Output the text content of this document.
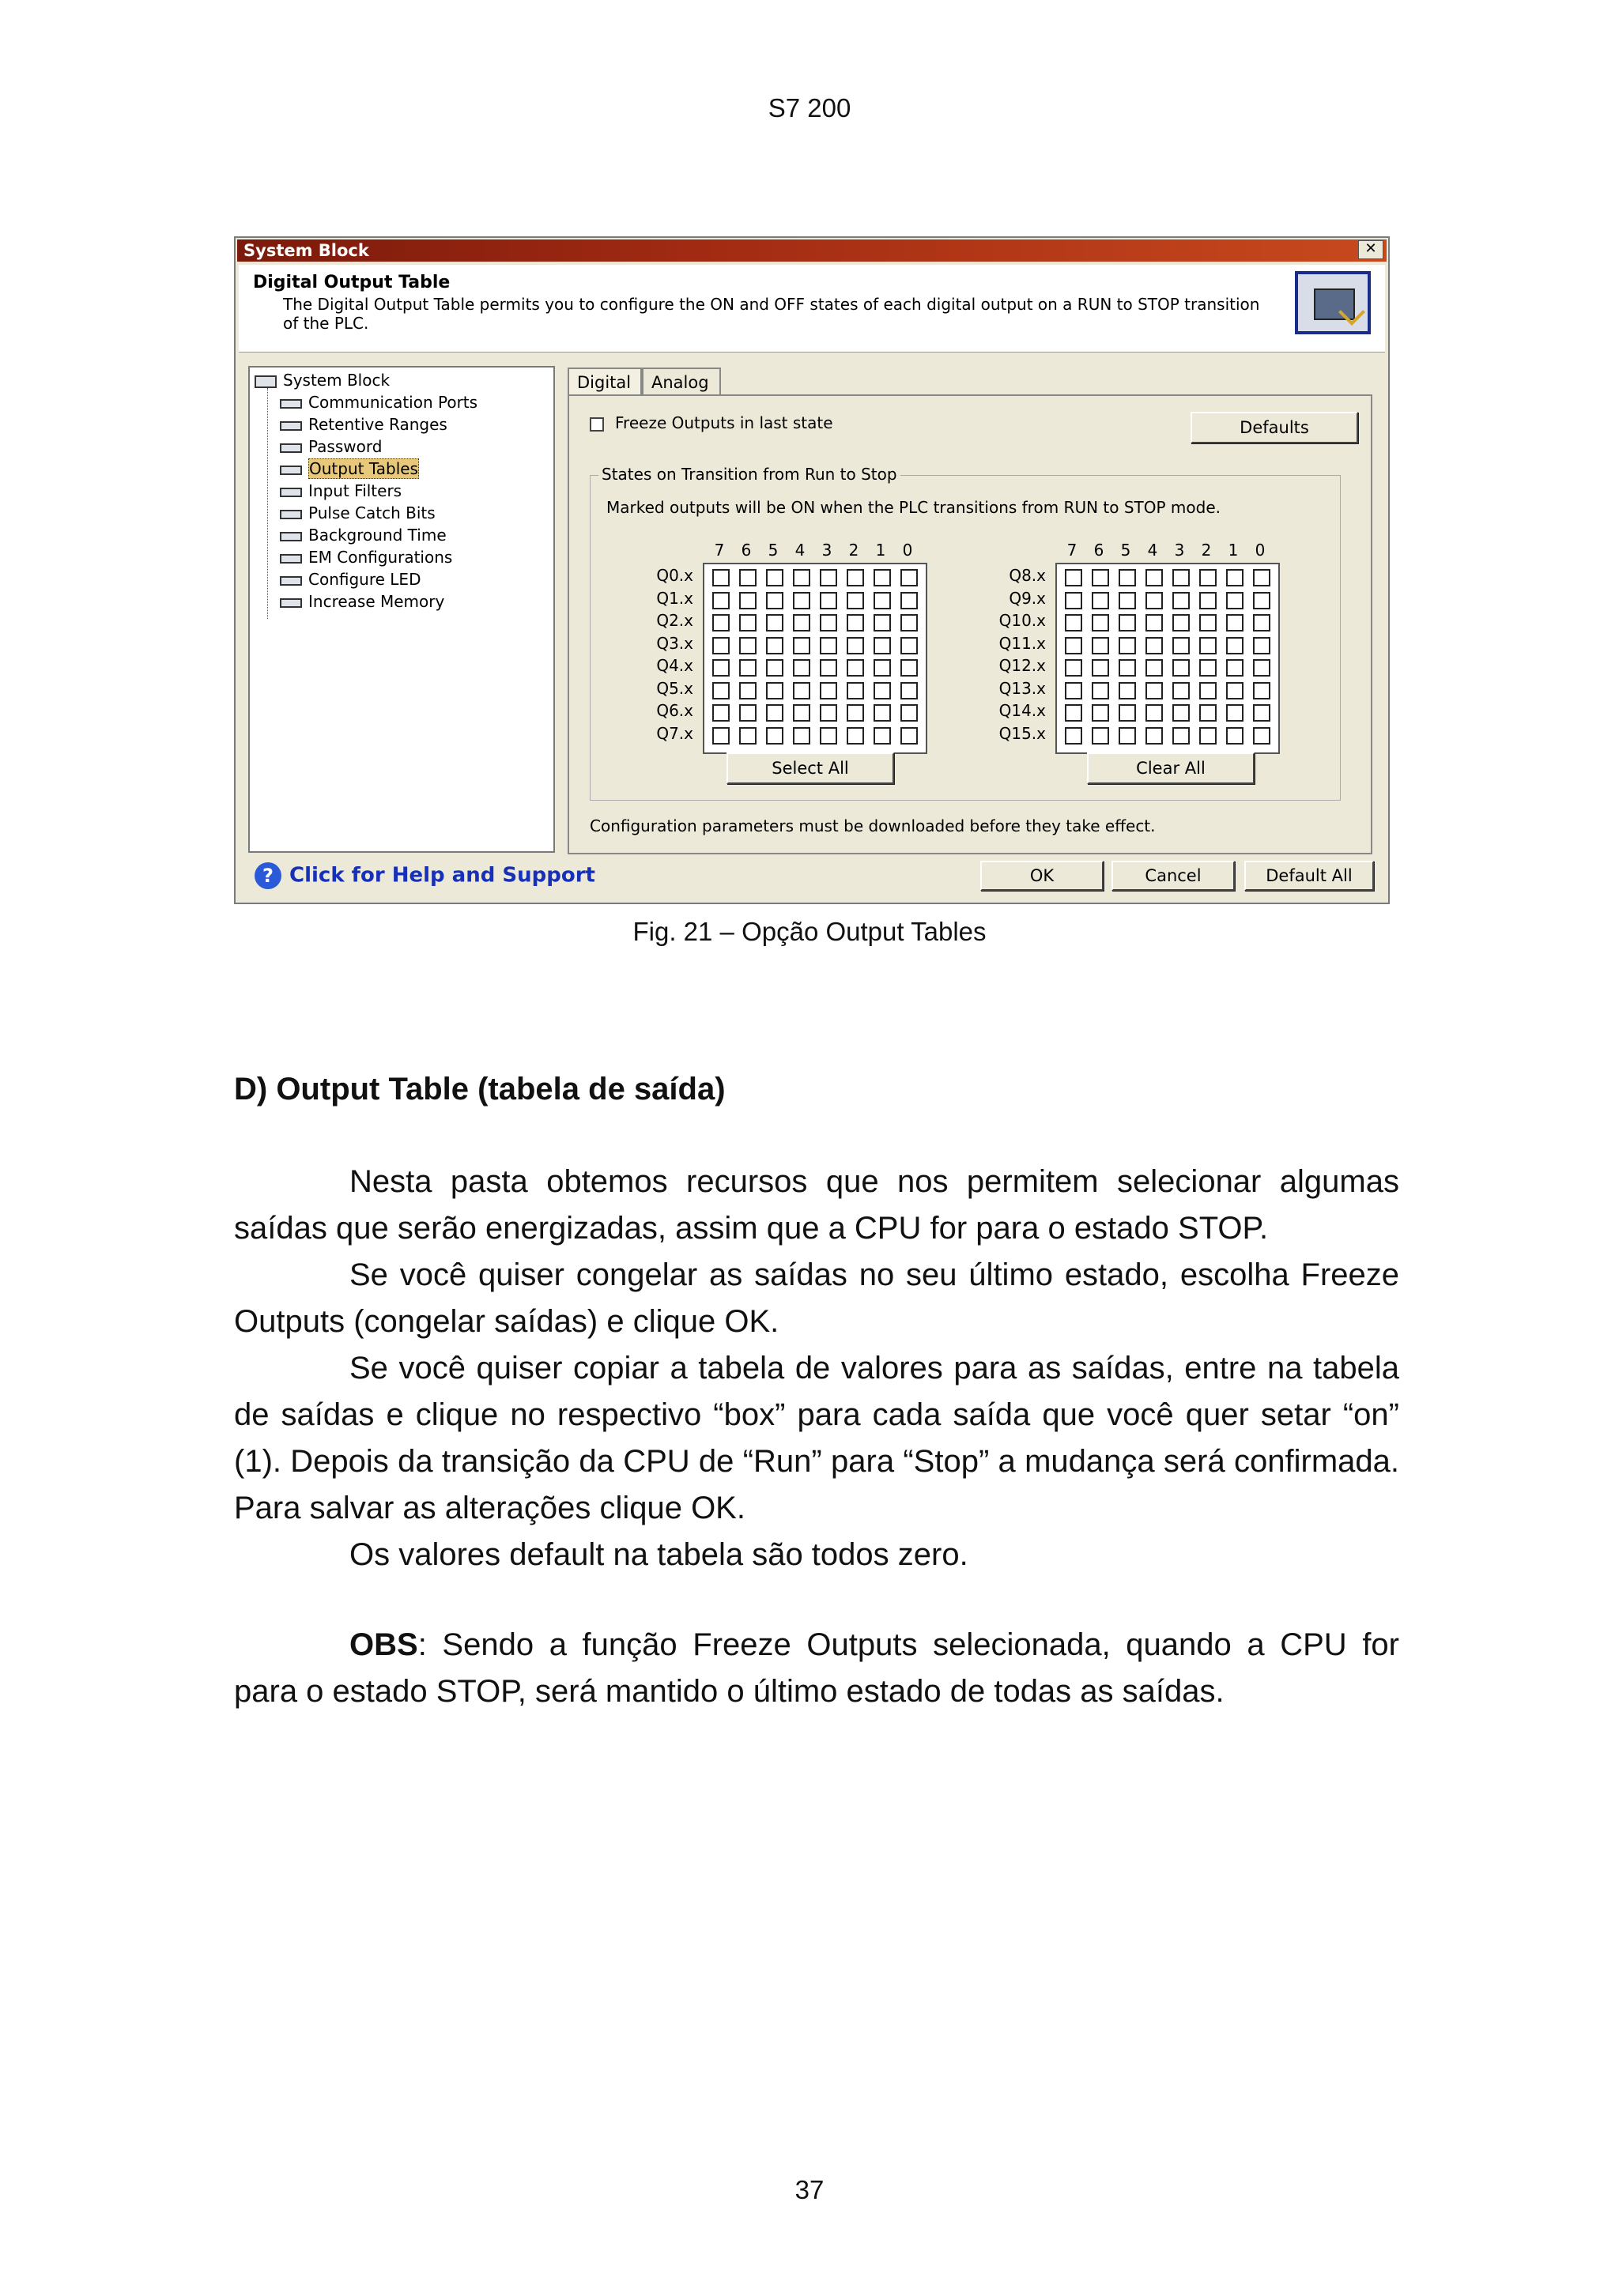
S7 200
System Block	✕
Digital Output Table
The Digital Output Table permits you to configure the ON and OFF states of each digital output on a RUN to STOP transition of the PLC.
System Block
Communication Ports
Retentive Ranges
Password
Output Tables
Input Filters
Pulse Catch Bits
Background Time
EM Configurations
Configure LED
Increase Memory
Digital	Analog
Freeze Outputs in last state	Defaults
States on Transition from Run to Stop
Marked outputs will be ON when the PLC transitions from RUN to STOP mode.
7	6	5	4	3	2	1	0
Q0.x
Q1.x
Q2.x
Q3.x
Q4.x
Q5.x
Q6.x
Q7.x
7	6	5	4	3	2	1	0
Q8.x
Q9.x
Q10.x
Q11.x
Q12.x
Q13.x
Q14.x
Q15.x
Select All	Clear All
Configuration parameters must be downloaded before they take effect.
? Click for Help and Support	OK	Cancel	Default All
Fig. 21 – Opção Output Tables
D) Output Table (tabela de saída)

Nesta pasta obtemos recursos que nos permitem selecionar algumas saídas que serão energizadas, assim que a CPU for para o estado STOP.

Se você quiser congelar as saídas no seu último estado, escolha Freeze Outputs (congelar saídas) e clique OK.

Se você quiser copiar a tabela de valores para as saídas, entre na tabela de saídas e clique no respectivo “box” para cada saída que você quer setar “on” (1). Depois da transição da CPU de “Run” para “Stop” a mudança será confirmada. Para salvar as alterações clique OK.

Os valores default na tabela são todos zero.

OBS: Sendo a função Freeze Outputs selecionada, quando a CPU for para o estado STOP, será mantido o último estado de todas as saídas.

37
